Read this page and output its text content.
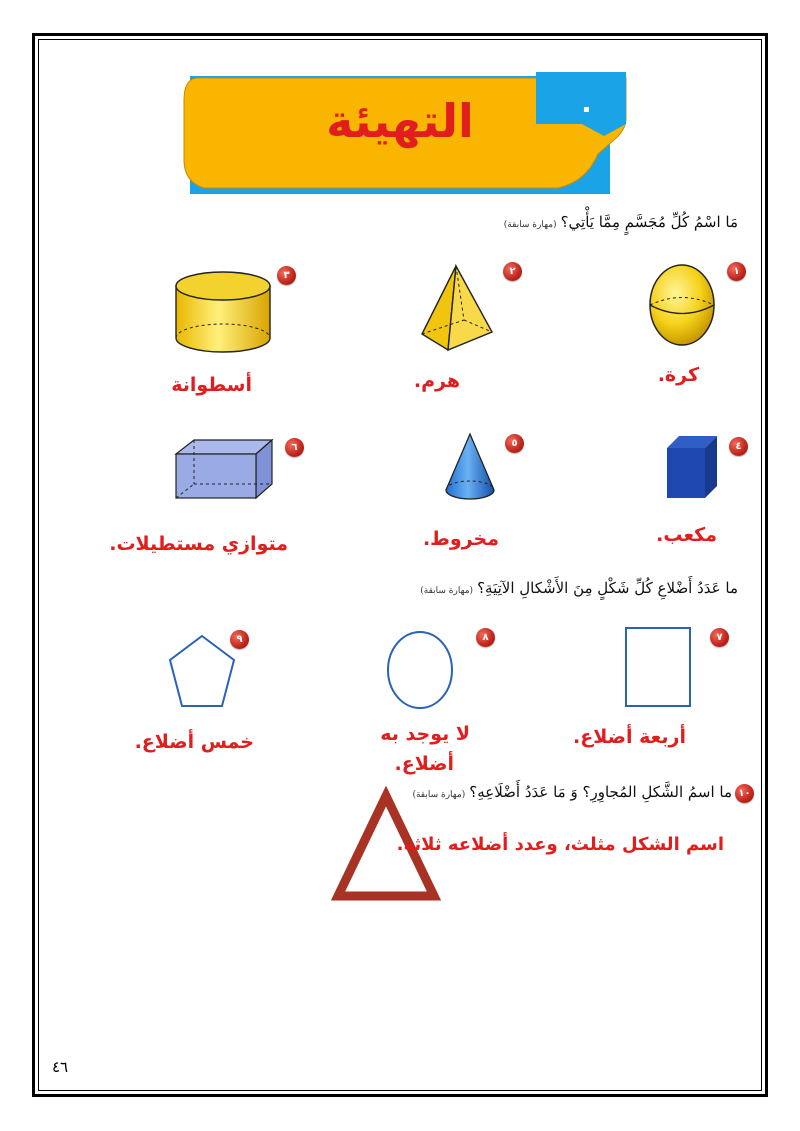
التهيئة	▪
مَا اسْمُ كُلِّ مُجَسَّمٍ مِمَّا يَأْتِي؟(مهارة سابقة)
١
كرة.
٢
هرم.
٣
أسطوانة
٤
مكعب.
٥
مخروط.
٦
متوازي مستطيلات.
ما عَدَدُ أَضْلاعِ كُلِّ شَكْلٍ مِنَ الأَشْكالِ الآتِيَةِ؟(مهارة سابقة)
٧
أربعة أضلاع.
٨
لا يوجد به
أضلاع.
٩
خمس أضلاع.
١٠
ما اسمُ الشَّكلِ المُجاوِرِ؟ وَ مَا عَدَدُ أَضْلَاعِهِ؟(مهارة سابقة)
اسم الشكل مثلث، وعدد أضلاعه ثلاثة.
٤٦
